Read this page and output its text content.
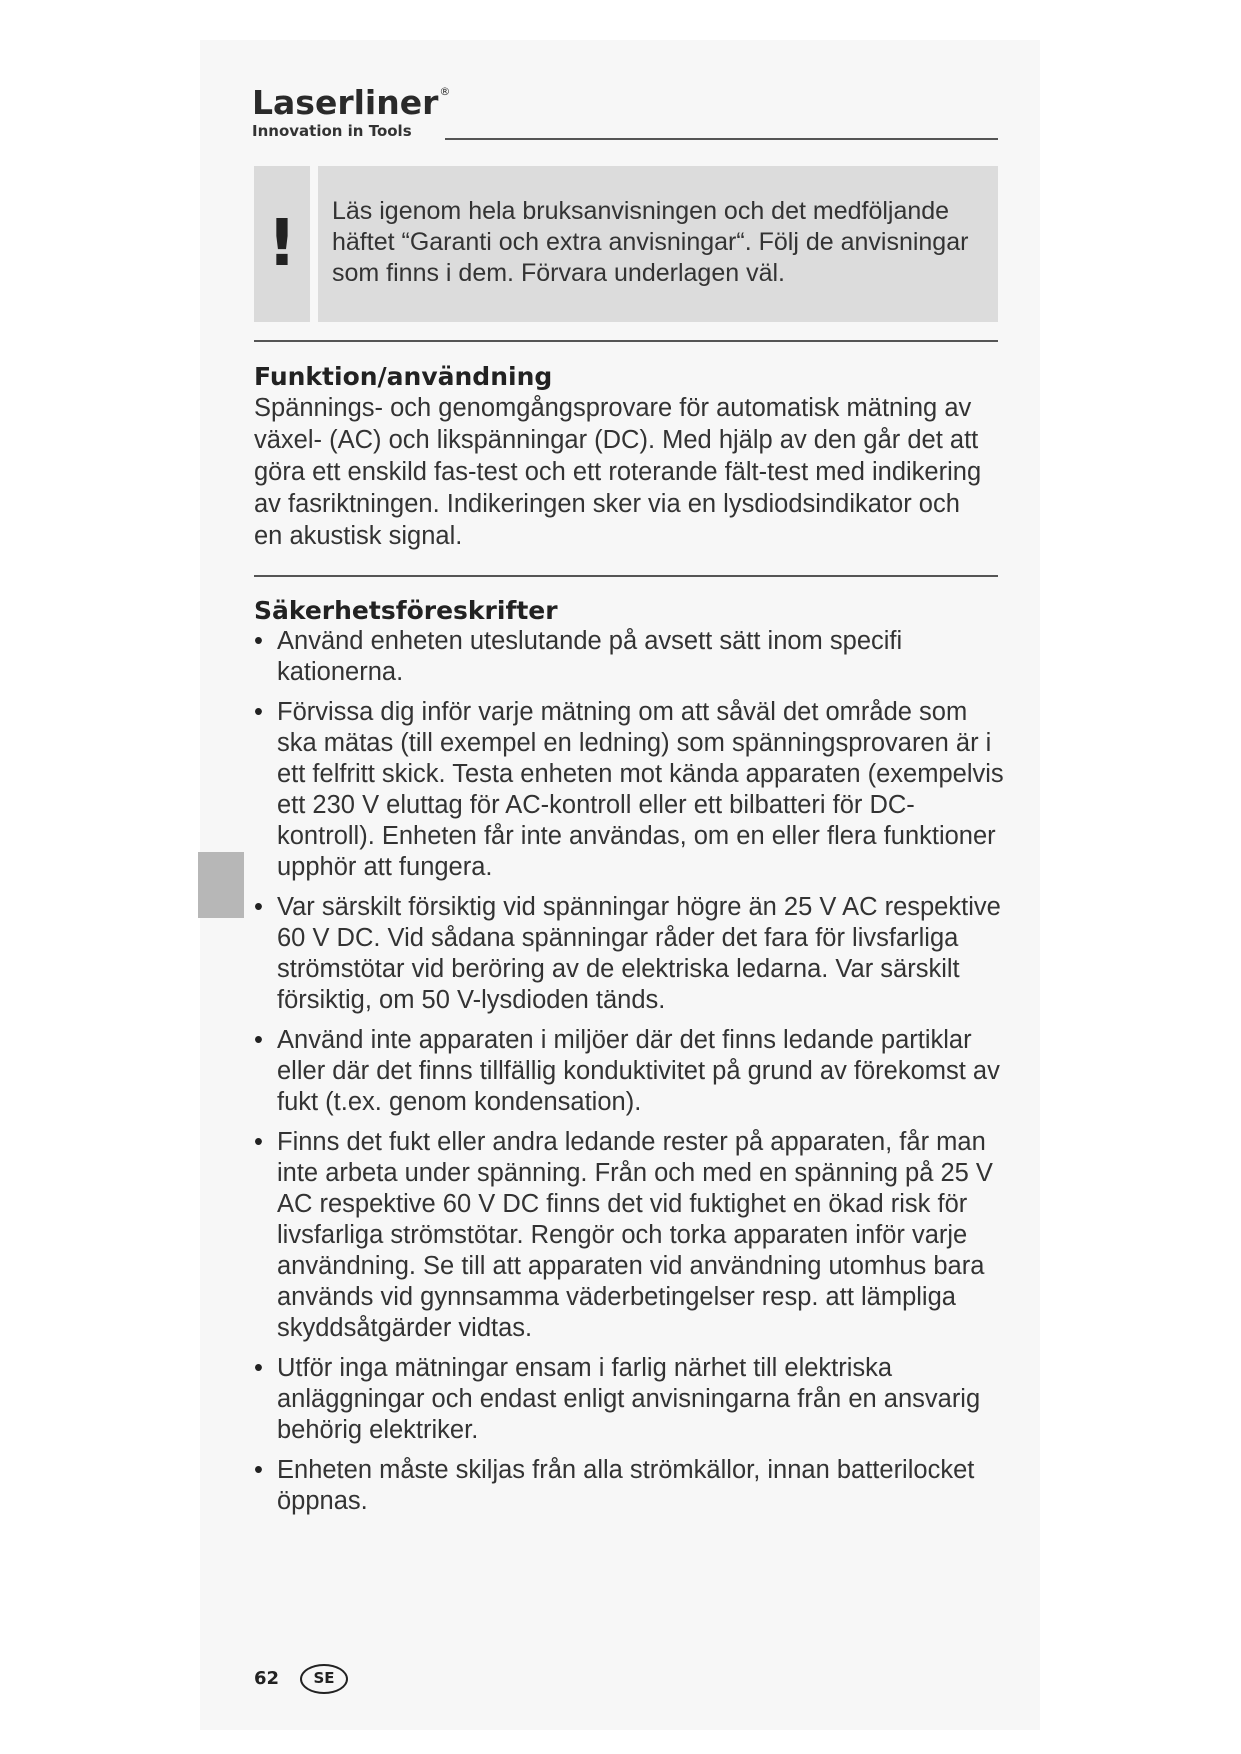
Laserliner®
Innovation in Tools
!	Läs igenom hela bruksanvisningen och det medföljande häftet “Garanti och extra anvisningar“. Följ de anvisningar som finns i dem. Förvara underlagen väl.

Funktion/användning

Spännings- och genomgångsprovare för automatisk mätning av växel- (AC) och likspänningar (DC). Med hjälp av den går det att göra ett enskild fas-test och ett roterande fält-test med indikering av fasriktningen. Indikeringen sker via en lysdiodsindikator och en akustisk signal.

Säkerhetsföreskrifter
• Använd enheten uteslutande på avsett sätt inom specifi kationerna.
• Förvissa dig inför varje mätning om att såväl det område som ska mätas (till exempel en ledning) som spänningsprovaren är i ett felfritt skick. Testa enheten mot kända apparaten (exempelvis ett 230 V eluttag för AC-kontroll eller ett bilbatteri för DC-kontroll). Enheten får inte användas, om en eller flera funktioner upphör att fungera.
• Var särskilt försiktig vid spänningar högre än 25 V AC respektive 60 V DC. Vid sådana spänningar råder det fara för livsfarliga strömstötar vid beröring av de elektriska ledarna. Var särskilt försiktig, om 50 V-lysdioden tänds.
• Använd inte apparaten i miljöer där det finns ledande partiklar eller där det finns tillfällig konduktivitet på grund av förekomst av fukt (t.ex. genom kondensation).
• Finns det fukt eller andra ledande rester på apparaten, får man inte arbeta under spänning. Från och med en spänning på 25 V AC respektive 60 V DC finns det vid fuktighet en ökad risk för livsfarliga strömstötar. Rengör och torka apparaten inför varje användning. Se till att apparaten vid användning utomhus bara används vid gynnsamma väderbetingelser resp. att lämpliga skyddsåtgärder vidtas.
• Utför inga mätningar ensam i farlig närhet till elektriska anläggningar och endast enligt anvisningarna från en ansvarig behörig elektriker.
• Enheten måste skiljas från alla strömkällor, innan batterilocket öppnas.
62	SE
